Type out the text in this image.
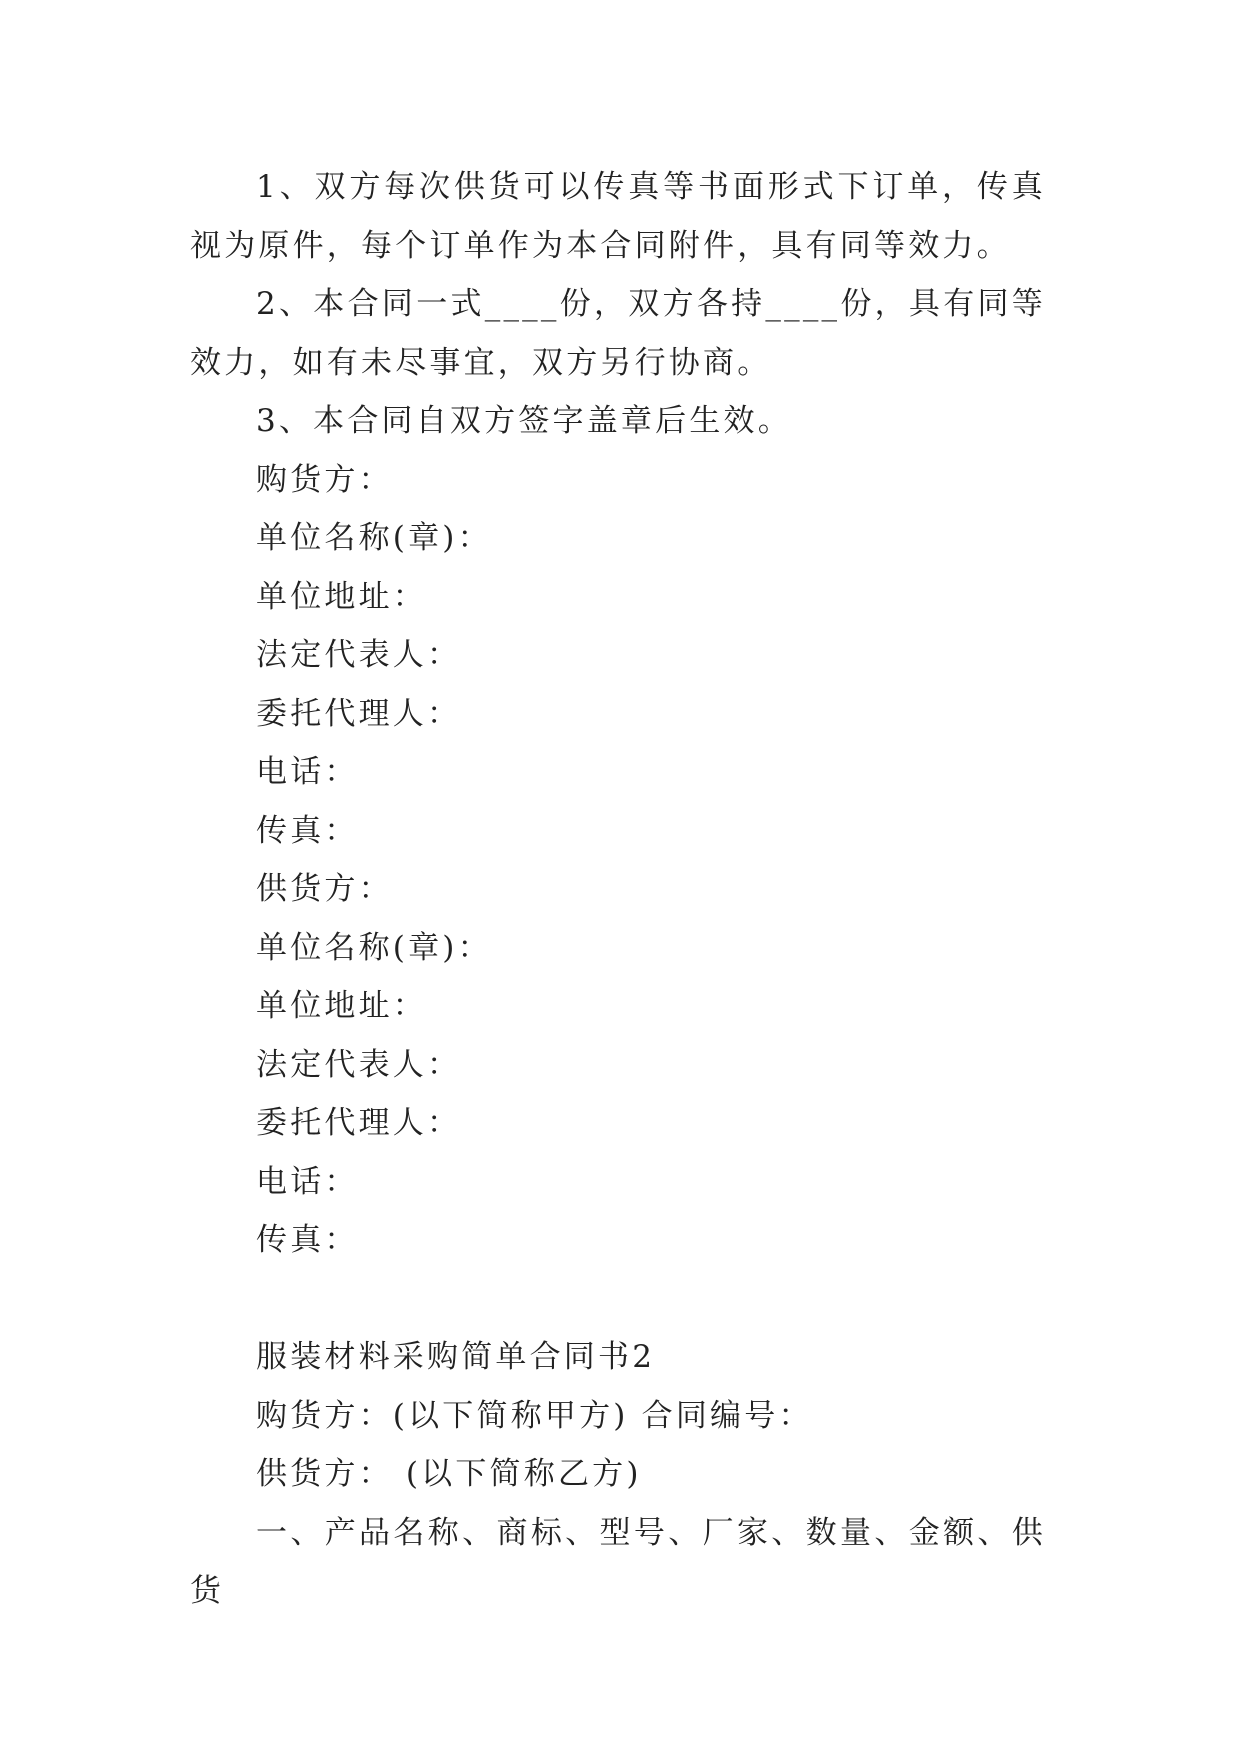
1、双方每次供货可以传真等书面形式下订单，传真视为原件，每个订单作为本合同附件，具有同等效力。

2、本合同一式____份，双方各持____份，具有同等效力，如有未尽事宜，双方另行协商。

3、本合同自双方签字盖章后生效。

购货方：

单位名称(章)：

单位地址：

法定代表人：

委托代理人：

电话：

传真：

供货方：

单位名称(章)：

单位地址：

法定代表人：

委托代理人：

电话：

传真：

服装材料采购简单合同书2

购货方：(以下简称甲方) 合同编号：

供货方： (以下简称乙方)

一、产品名称、商标、型号、厂家、数量、金额、供货
